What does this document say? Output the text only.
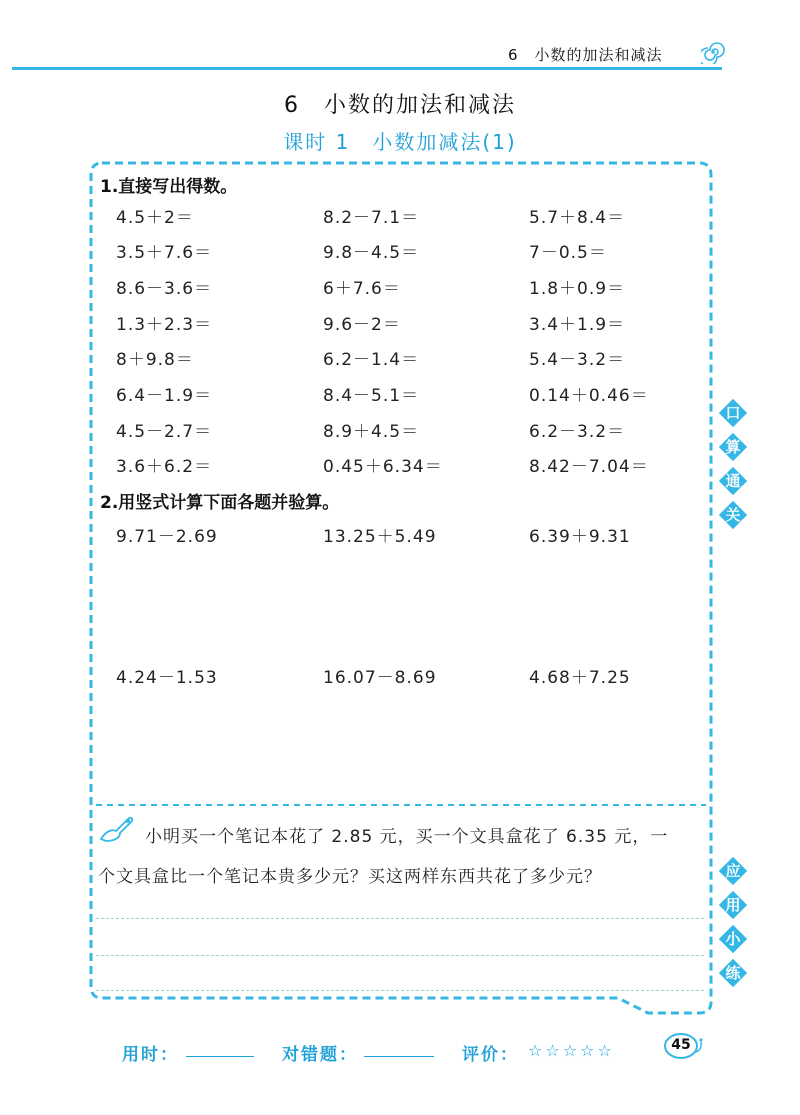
6　小数的加法和减法
6　小数的加法和减法
课时 1　小数加减法(1)
1.直接写出得数。
4.5＋2＝	8.2－7.1＝	5.7＋8.4＝
3.5＋7.6＝	9.8－4.5＝	7－0.5＝
8.6－3.6＝	6＋7.6＝	1.8＋0.9＝
1.3＋2.3＝	9.6－2＝	3.4＋1.9＝
8＋9.8＝	6.2－1.4＝	5.4－3.2＝
6.4－1.9＝	8.4－5.1＝	0.14＋0.46＝
4.5－2.7＝	8.9＋4.5＝	6.2－3.2＝
3.6＋6.2＝	0.45＋6.34＝	8.42－7.04＝
2.用竖式计算下面各题并验算。
9.71－2.69	13.25＋5.49	6.39＋9.31
4.24－1.53	16.07－8.69	4.68＋7.25
小明买一个笔记本花了 2.85 元，买一个文具盒花了 6.35 元，一
个文具盒比一个笔记本贵多少元？买这两样东西共花了多少元？
口
算
通
关
应
用
小
练
用时：	对错题：	评价： ☆☆☆☆☆	45
